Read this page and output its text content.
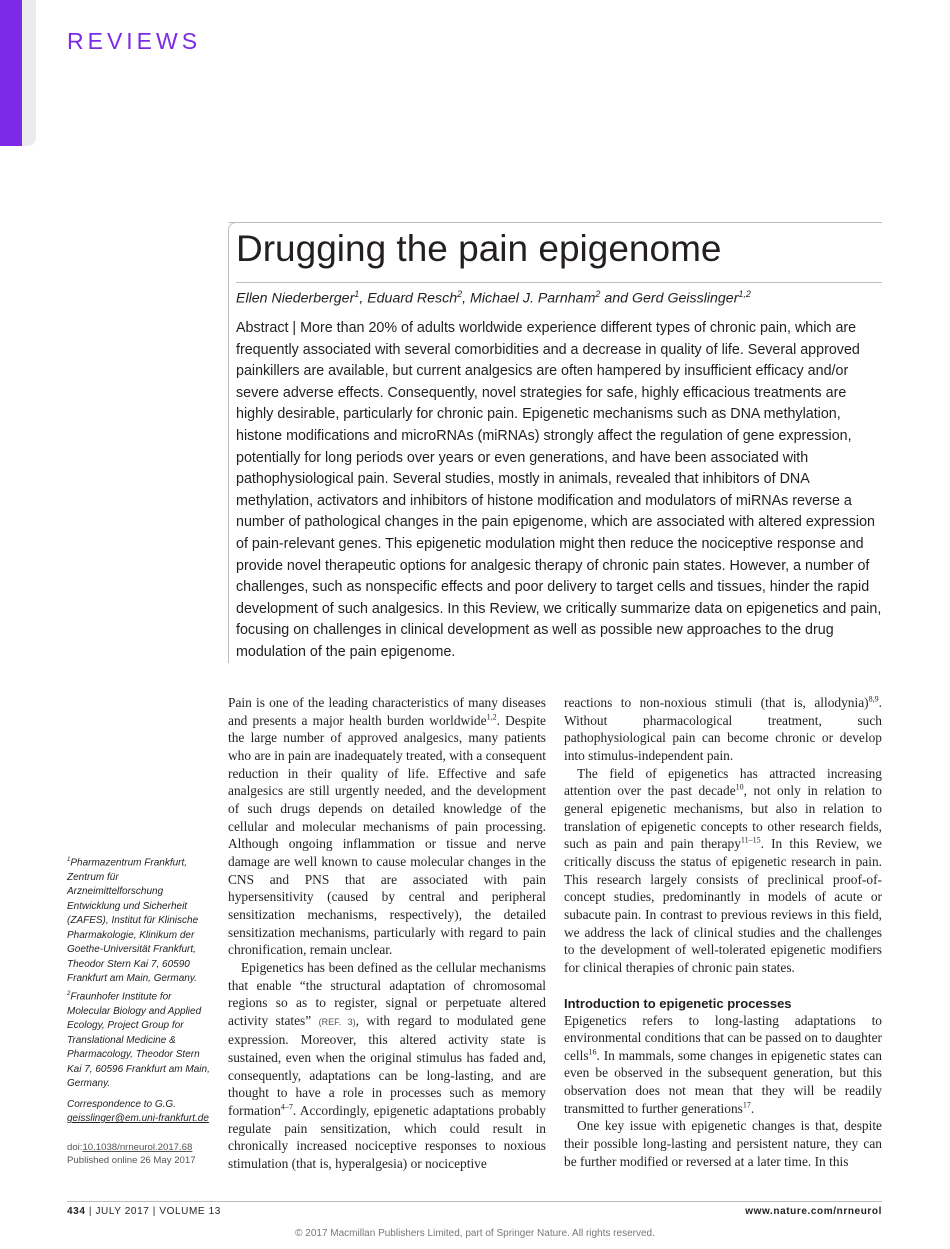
REVIEWS
Drugging the pain epigenome
Ellen Niederberger$^1$, Eduard Resch$^2$, Michael J. Parnham$^2$ and Gerd Geisslinger$^{1,2}$
Abstract | More than 20% of adults worldwide experience different types of chronic pain, which are frequently associated with several comorbidities and a decrease in quality of life. Several approved painkillers are available, but current analgesics are often hampered by insufficient efficacy and/or severe adverse effects. Consequently, novel strategies for safe, highly efficacious treatments are highly desirable, particularly for chronic pain. Epigenetic mechanisms such as DNA methylation, histone modifications and microRNAs (miRNAs) strongly affect the regulation of gene expression, potentially for long periods over years or even generations, and have been associated with pathophysiological pain. Several studies, mostly in animals, revealed that inhibitors of DNA methylation, activators and inhibitors of histone modification and modulators of miRNAs reverse a number of pathological changes in the pain epigenome, which are associated with altered expression of pain-relevant genes. This epigenetic modulation might then reduce the nociceptive response and provide novel therapeutic options for analgesic therapy of chronic pain states. However, a number of challenges, such as nonspecific effects and poor delivery to target cells and tissues, hinder the rapid development of such analgesics. In this Review, we critically summarize data on epigenetics and pain, focusing on challenges in clinical development as well as possible new approaches to the drug modulation of the pain epigenome.
$^1$Pharmazentrum Frankfurt, Zentrum für Arzneimittelforschung Entwicklung und Sicherheit (ZAFES), Institut für Klinische Pharmakologie, Klinikum der Goethe-Universität Frankfurt, Theodor Stern Kai 7, 60590 Frankfurt am Main, Germany.
$^2$Fraunhofer Institute for Molecular Biology and Applied Ecology, Project Group for Translational Medicine & Pharmacology, Theodor Stern Kai 7, 60596 Frankfurt am Main, Germany.
Correspondence to G.G.
geisslinger@em.uni-frankfurt.de
doi:10.1038/nrneurol.2017.68
Published online 26 May 2017

Pain is one of the leading characteristics of many diseases and presents a major health burden worldwide$^{1,2}$. Despite the large number of approved analgesics, many patients who are in pain are inadequately treated, with a consequent reduction in their quality of life. Effective and safe analgesics are still urgently needed, and the development of such drugs depends on detailed knowledge of the cellular and molecular mechanisms of pain processing. Although ongoing inflammation or tissue and nerve damage are well known to cause molecular changes in the CNS and PNS that are associated with pain hypersensitivity (caused by central and peripheral sensitization mechanisms, respectively), the detailed sensitization mechanisms, particularly with regard to pain chronification, remain unclear.

Epigenetics has been defined as the cellular mechanisms that enable “the structural adaptation of chromosomal regions so as to register, signal or perpetuate altered activity states” (REF. 3), with regard to modulated gene expression. Moreover, this altered activity state is sustained, even when the original stimulus has faded and, consequently, adaptations can be long-lasting, and are thought to have a role in processes such as memory formation$^{4-7}$. Accordingly, epigenetic adaptations probably regulate pain sensitization, which could result in chronically increased nociceptive responses to noxious stimulation (that is, hyperalgesia) or nociceptive

reactions to non-noxious stimuli (that is, allodynia)$^{8,9}$. Without pharmacological treatment, such pathophysiological pain can become chronic or develop into stimulus-independent pain.

The field of epigenetics has attracted increasing attention over the past decade$^{10}$, not only in relation to general epigenetic mechanisms, but also in relation to translation of epigenetic concepts to other research fields, such as pain and pain therapy$^{11-15}$. In this Review, we critically discuss the status of epigenetic research in pain. This research largely consists of preclinical proof-of-concept studies, predominantly in models of acute or subacute pain. In contrast to previous reviews in this field, we address the lack of clinical studies and the challenges to the development of well-tolerated epigenetic modifiers for clinical therapies of chronic pain states.

Introduction to epigenetic processes

Epigenetics refers to long-lasting adaptations to environmental conditions that can be passed on to daughter cells$^{16}$. In mammals, some changes in epigenetic states can even be observed in the subsequent generation, but this observation does not mean that they will be readily transmitted to further generations$^{17}$.

One key issue with epigenetic changes is that, despite their possible long-lasting and persistent nature, they can be further modified or reversed at a later time. In this

434 | JULY 2017 | VOLUME 13	www.nature.com/nrneurol
© 2017 Macmillan Publishers Limited, part of Springer Nature. All rights reserved.
